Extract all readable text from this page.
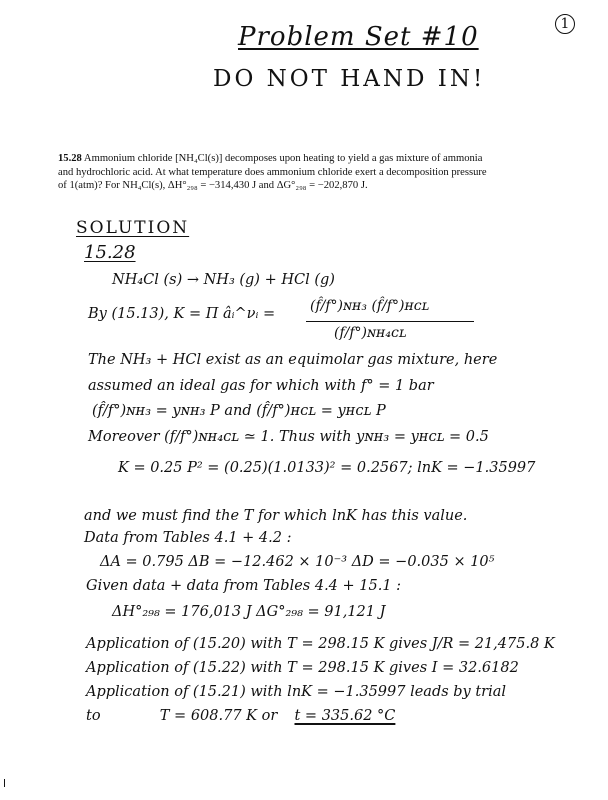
1
Problem Set #10
DO NOT HAND IN!
15.28 Ammonium chloride [NH₄Cl(s)] decomposes upon heating to yield a gas mixture of ammonia
and hydrochloric acid. At what temperature does ammonium chloride exert a decomposition pressure
of 1(atm)? For NH₄Cl(s), ΔH°₂₉₈ = −314,430 J and ΔG°₂₉₈ = −202,870 J.
SOLUTION
15.28
NH₄Cl (s) → NH₃ (g) + HCl (g)
By (15.13), K = Π âᵢ^νᵢ = (f̂/f°)ɴʜ₃ (f̂/f°)ʜᴄʟ
(f/f°)ɴʜ₄ᴄʟ
The NH₃ + HCl exist as an equimolar gas mixture, here
assumed an ideal gas for which with f° = 1 bar
(f̂/f°)ɴʜ₃ = yɴʜ₃ P and (f̂/f°)ʜᴄʟ = yʜᴄʟ P
Moreover (f/f°)ɴʜ₄ᴄʟ ≃ 1. Thus with yɴʜ₃ = yʜᴄʟ = 0.5
K = 0.25 P² = (0.25)(1.0133)² = 0.2567; lnK = −1.35997
and we must find the T for which lnK has this value.
Data from Tables 4.1 + 4.2 :
ΔA = 0.795 ΔB = −12.462 × 10⁻³ ΔD = −0.035 × 10⁵
Given data + data from Tables 4.4 + 15.1 :
ΔH°₂₉₈ = 176,013 J ΔG°₂₉₈ = 91,121 J
Application of (15.20) with T = 298.15 K gives J/R = 21,475.8 K
Application of (15.22) with T = 298.15 K gives I = 32.6182
Application of (15.21) with lnK = −1.35997 leads by trial
to	T = 608.77 K or t = 335.62 °C
